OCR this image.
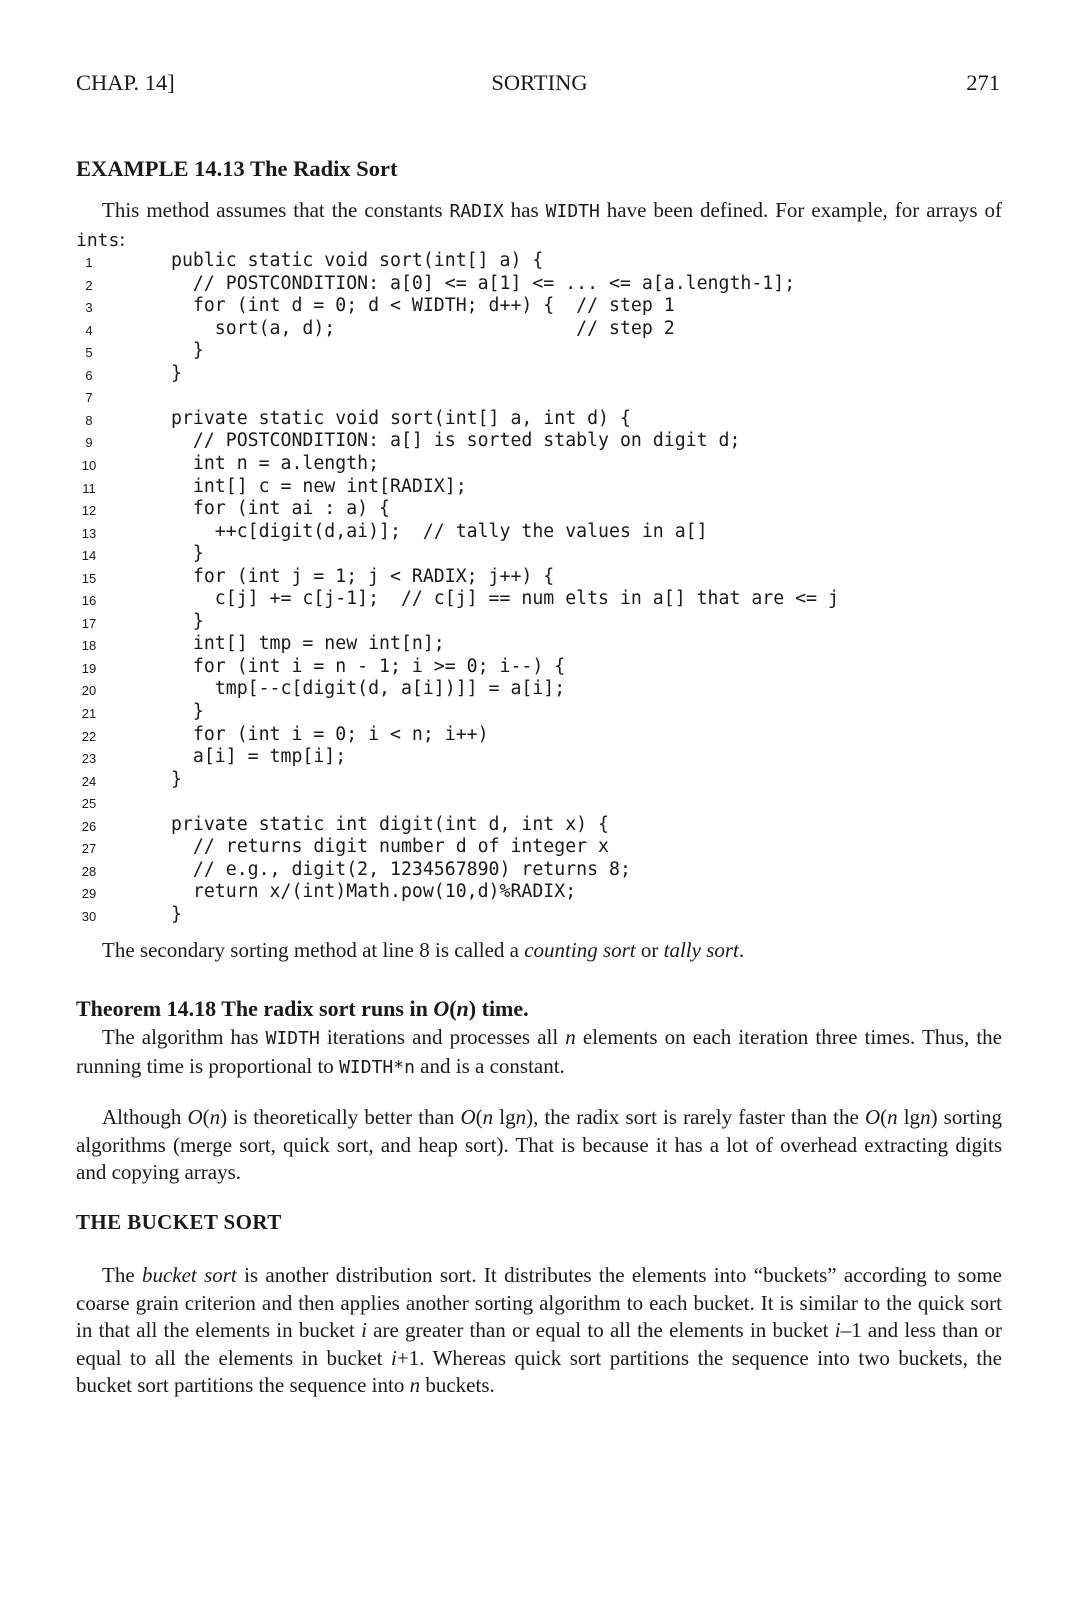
CHAP. 14]	SORTING	271
EXAMPLE 14.13 The Radix Sort
This method assumes that the constants RADIX has WIDTH have been defined. For example, for arrays of ints:
1	public static void sort(int[] a) {
2	// POSTCONDITION: a[0] <= a[1] <= ... <= a[a.length-1];
3	for (int d = 0; d < WIDTH; d++) {  // step 1
4	sort(a, d);                      // step 2
5	}
6	}
7
8	private static void sort(int[] a, int d) {
9	// POSTCONDITION: a[] is sorted stably on digit d;
10	int n = a.length;
11	int[] c = new int[RADIX];
12	for (int ai : a) {
13	++c[digit(d,ai)];  // tally the values in a[]
14	}
15	for (int j = 1; j < RADIX; j++) {
16	c[j] += c[j-1];  // c[j] == num elts in a[] that are <= j
17	}
18	int[] tmp = new int[n];
19	for (int i = n - 1; i >= 0; i--) {
20	tmp[--c[digit(d, a[i])]] = a[i];
21	}
22	for (int i = 0; i < n; i++)
23	a[i] = tmp[i];
24	}
25
26	private static int digit(int d, int x) {
27	// returns digit number d of integer x
28	// e.g., digit(2, 1234567890) returns 8;
29	return x/(int)Math.pow(10,d)%RADIX;
30	}
The secondary sorting method at line 8 is called a counting sort or tally sort.
Theorem 14.18 The radix sort runs in O(n) time.
The algorithm has WIDTH iterations and processes all n elements on each iteration three times. Thus, the running time is proportional to WIDTH*n and is a constant.
Although O(n) is theoretically better than O(n lgn), the radix sort is rarely faster than the O(n lgn) sorting algorithms (merge sort, quick sort, and heap sort). That is because it has a lot of overhead extracting digits and copying arrays.
THE BUCKET SORT
The bucket sort is another distribution sort. It distributes the elements into “buckets” according to some coarse grain criterion and then applies another sorting algorithm to each bucket. It is similar to the quick sort in that all the elements in bucket i are greater than or equal to all the elements in bucket i–1 and less than or equal to all the elements in bucket i+1. Whereas quick sort partitions the sequence into two buckets, the bucket sort partitions the sequence into n buckets.
